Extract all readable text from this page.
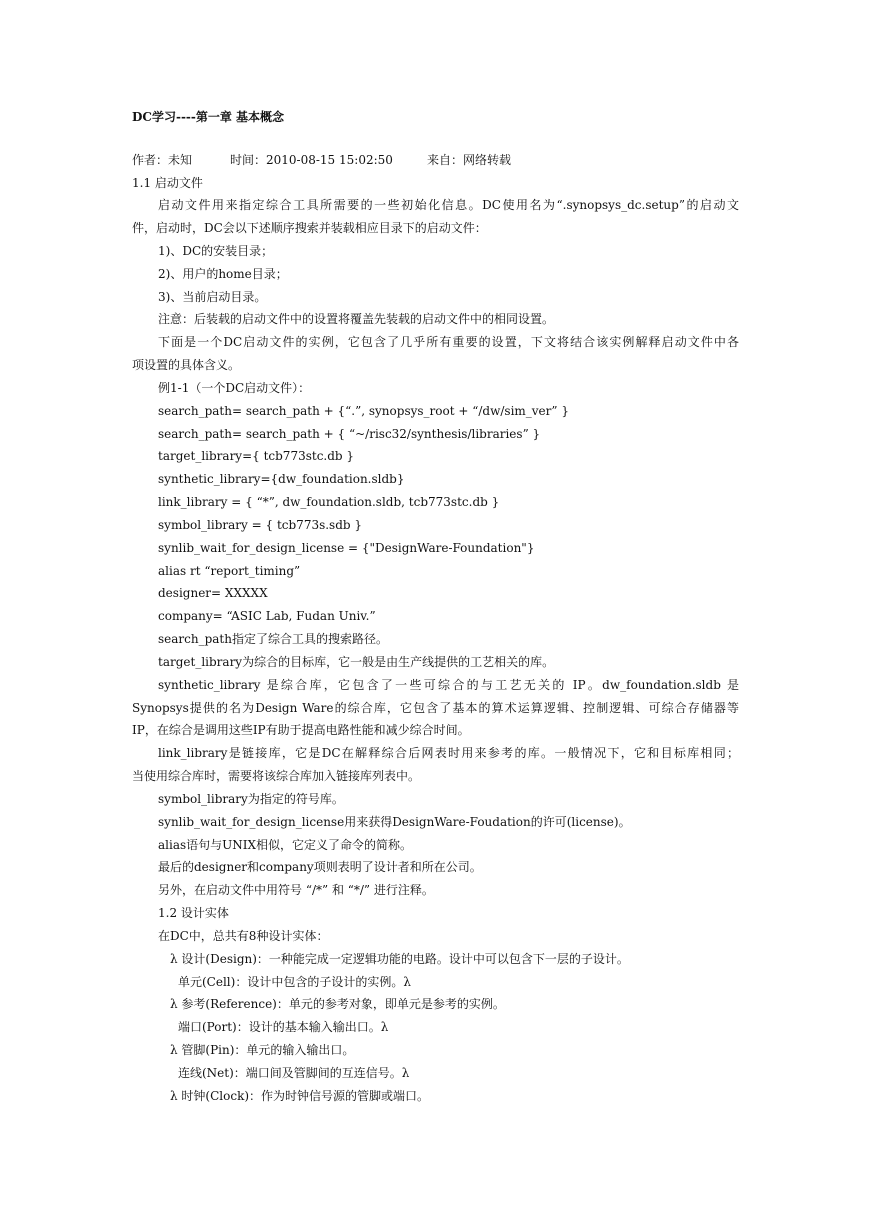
DC学习----第一章 基本概念
作者：未知	时间：2010-08-15 15:02:50	来自：网络转载
1.1 启动文件
启动文件用来指定综合工具所需要的一些初始化信息。DC使用名为“.synopsys_dc.setup”的启动文
件，启动时，DC会以下述顺序搜索并装载相应目录下的启动文件：
1)、DC的安装目录；
2)、用户的home目录；
3)、当前启动目录。
注意：后装载的启动文件中的设置将覆盖先装载的启动文件中的相同设置。
下面是一个DC启动文件的实例，它包含了几乎所有重要的设置，下文将结合该实例解释启动文件中各
项设置的具体含义。
例1-1（一个DC启动文件）：
search_path= search_path + {“.”, synopsys_root + “/dw/sim_ver” }
search_path= search_path + { “~/risc32/synthesis/libraries” }
target_library={ tcb773stc.db }
synthetic_library={dw_foundation.sldb}
link_library = { “*”, dw_foundation.sldb, tcb773stc.db }
symbol_library = { tcb773s.sdb }
synlib_wait_for_design_license = {"DesignWare-Foundation"}
alias rt “report_timing”
designer= XXXXX
company= “ASIC Lab, Fudan Univ.”
search_path指定了综合工具的搜索路径。
target_library为综合的目标库，它一般是由生产线提供的工艺相关的库。
synthetic_library 是综合库，它包含了一些可综合的与工艺无关的 IP。dw_foundation.sldb 是
Synopsys提供的名为Design Ware的综合库，它包含了基本的算术运算逻辑、控制逻辑、可综合存储器等
IP，在综合是调用这些IP有助于提高电路性能和减少综合时间。
link_library是链接库，它是DC在解释综合后网表时用来参考的库。一般情况下，它和目标库相同；
当使用综合库时，需要将该综合库加入链接库列表中。
symbol_library为指定的符号库。
synlib_wait_for_design_license用来获得DesignWare-Foudation的许可(license)。
alias语句与UNIX相似，它定义了命令的简称。
最后的designer和company项则表明了设计者和所在公司。
另外，在启动文件中用符号 “/*” 和 “*/” 进行注释。
1.2 设计实体
在DC中，总共有8种设计实体：
λ 设计(Design)：一种能完成一定逻辑功能的电路。设计中可以包含下一层的子设计。
单元(Cell)：设计中包含的子设计的实例。λ
λ 参考(Reference)：单元的参考对象，即单元是参考的实例。
端口(Port)：设计的基本输入输出口。λ
λ 管脚(Pin)：单元的输入输出口。
连线(Net)：端口间及管脚间的互连信号。λ
λ 时钟(Clock)：作为时钟信号源的管脚或端口。
